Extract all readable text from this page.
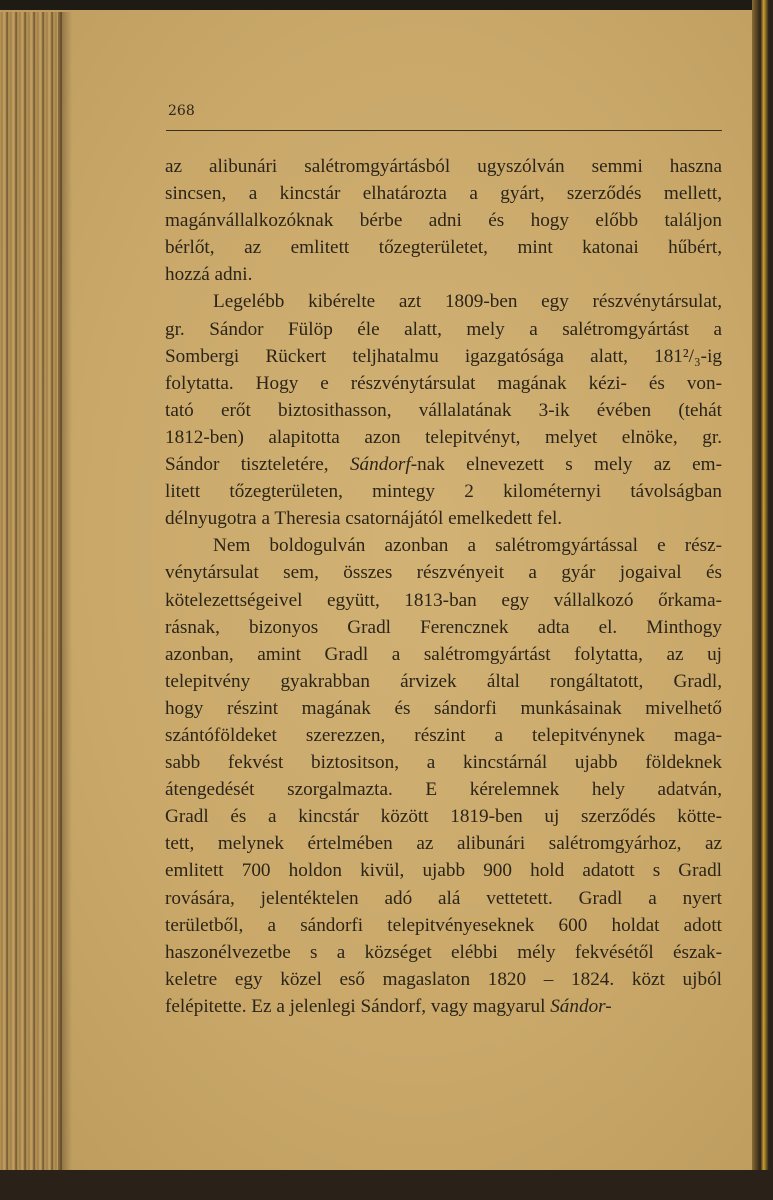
268
az alibunári salétromgyártásból ugyszólván semmi haszna
sincsen, a kincstár elhatározta a gyárt, szerződés mellett,
magánvállalkozóknak bérbe adni és hogy előbb találjon
bérlőt, az emlitett tőzegterületet, mint katonai hűbért,
hozzá adni.
Legelébb kibérelte azt 1809-ben egy részvénytársulat,
gr. Sándor Fülöp éle alatt, mely a salétromgyártást a
Sombergi Rückert teljhatalmu igazgatósága alatt, 181²/₃-ig
folytatta. Hogy e részvénytársulat magának kézi- és von-
tató erőt biztosithasson, vállalatának 3-ik évében (tehát
1812-ben) alapitotta azon telepitvényt, melyet elnöke, gr.
Sándor tiszteletére, Sándorf-nak elnevezett s mely az em-
litett tőzegterületen, mintegy 2 kilométernyi távolságban
délnyugotra a Theresia csatornájától emelkedett fel.
Nem boldogulván azonban a salétromgyártással e rész-
vénytársulat sem, összes részvényeit a gyár jogaival és
kötelezettségeivel együtt, 1813-ban egy vállalkozó őrkama-
rásnak, bizonyos Gradl Ferencznek adta el. Minthogy
azonban, amint Gradl a salétromgyártást folytatta, az uj
telepitvény gyakrabban árvizek által rongáltatott, Gradl,
hogy részint magának és sándorfi munkásainak mivelhető
szántóföldeket szerezzen, részint a telepitvénynek maga-
sabb fekvést biztositson, a kincstárnál ujabb földeknek
átengedését szorgalmazta. E kérelemnek hely adatván,
Gradl és a kincstár között 1819-ben uj szerződés kötte-
tett, melynek értelmében az alibunári salétromgyárhoz, az
emlitett 700 holdon kivül, ujabb 900 hold adatott s Gradl
rovására, jelentéktelen adó alá vettetett. Gradl a nyert
területből, a sándorfi telepitvényeseknek 600 holdat adott
haszonélvezetbe s a községet elébbi mély fekvésétől észak-
keletre egy közel eső magaslaton 1820 – 1824. közt ujból
felépitette. Ez a jelenlegi Sándorf, vagy magyarul Sándor-
